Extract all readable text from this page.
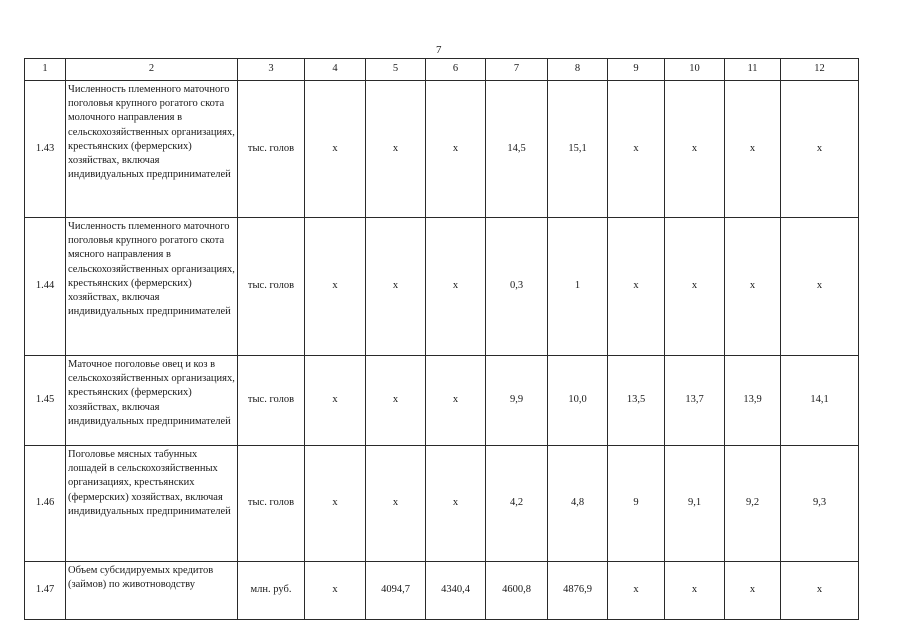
7
1	2	3	4	5	6	7	8	9	10	11	12
1.43	Численность племенного маточного поголовья крупного рогатого скота молочного направления в сельскохозяйственных организациях, крестьянских (фермерских) хозяйствах, включая индивидуальных предпринимателей	тыс. голов	х	х	х	14,5	15,1	х	х	х	х
1.44	Численность племенного маточного поголовья крупного рогатого скота мясного направления в сельскохозяйственных организациях, крестьянских (фермерских) хозяйствах, включая индивидуальных предпринимателей	тыс. голов	х	х	х	0,3	1	х	х	х	х
1.45	Маточное поголовье овец и коз в сельскохозяйственных организациях, крестьянских (фермерских) хозяйствах, включая индивидуальных предпринимателей	тыс. голов	х	х	х	9,9	10,0	13,5	13,7	13,9	14,1
1.46	Поголовье мясных табунных лошадей в сельскохозяйственных организациях, крестьянских (фермерских) хозяйствах, включая индивидуальных предпринимателей	тыс. голов	х	х	х	4,2	4,8	9	9,1	9,2	9,3
1.47	Объем субсидируемых кредитов (займов) по животноводству	млн. руб.	х	4094,7	4340,4	4600,8	4876,9	х	х	х	х
